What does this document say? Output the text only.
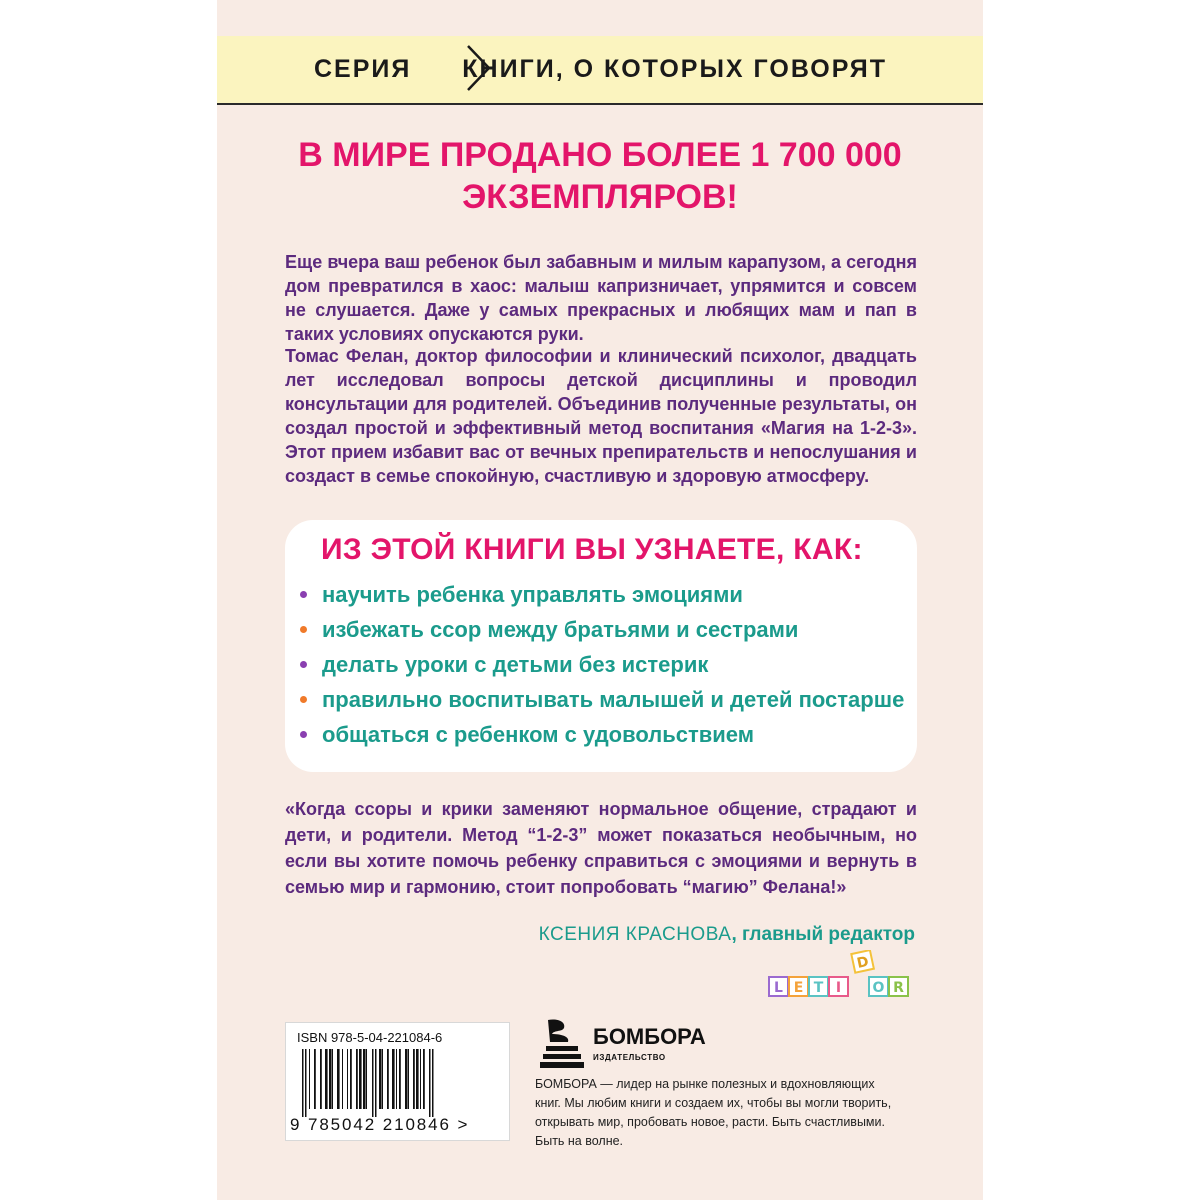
СЕРИЯ КНИГИ, О КОТОРЫХ ГОВОРЯТ
В МИРЕ ПРОДАНО БОЛЕЕ 1 700 000
ЭКЗЕМПЛЯРОВ!
Еще вчера ваш ребенок был забавным и милым карапузом, а сегодня дом превратился в хаос: малыш капризничает, упрямится и совсем не слушается. Даже у самых прекрасных и любящих мам и пап в таких условиях опускаются руки.
Томас Фелан, доктор философии и клинический психолог, двадцать лет исследовал вопросы детской дисциплины и проводил консультации для родителей. Объединив полученные результаты, он создал простой и эффективный метод воспитания «Магия на 1-2-3». Этот прием избавит вас от вечных препирательств и непослушания и создаст в семье спокойную, счастливую и здоровую атмосферу.
ИЗ ЭТОЙ КНИГИ ВЫ УЗНАЕТЕ, КАК:
научить ребенка управлять эмоциями
избежать ссор между братьями и сестрами
делать уроки с детьми без истерик
правильно воспитывать малышей и детей постарше
общаться с ребенком с удовольствием
«Когда ссоры и крики заменяют нормальное общение, страдают и дети, и родители. Метод “1-2-3” может показаться необычным, но если вы хотите помочь ребенку справиться с эмоциями и вернуть в семью мир и гармонию, стоит попробовать “магию” Фелана!»
КСЕНИЯ КРАСНОВА, главный редактор
L E T I
D
O R
ISBN 978-5-04-221084-6
9 785042 210846 >
БОМБОРА
ИЗДАТЕЛЬСТВО
БОМБОРА — лидер на рынке полезных и вдохновляющих книг. Мы любим книги и создаем их, чтобы вы могли творить, открывать мир, пробовать новое, расти. Быть счастливыми. Быть на волне.
